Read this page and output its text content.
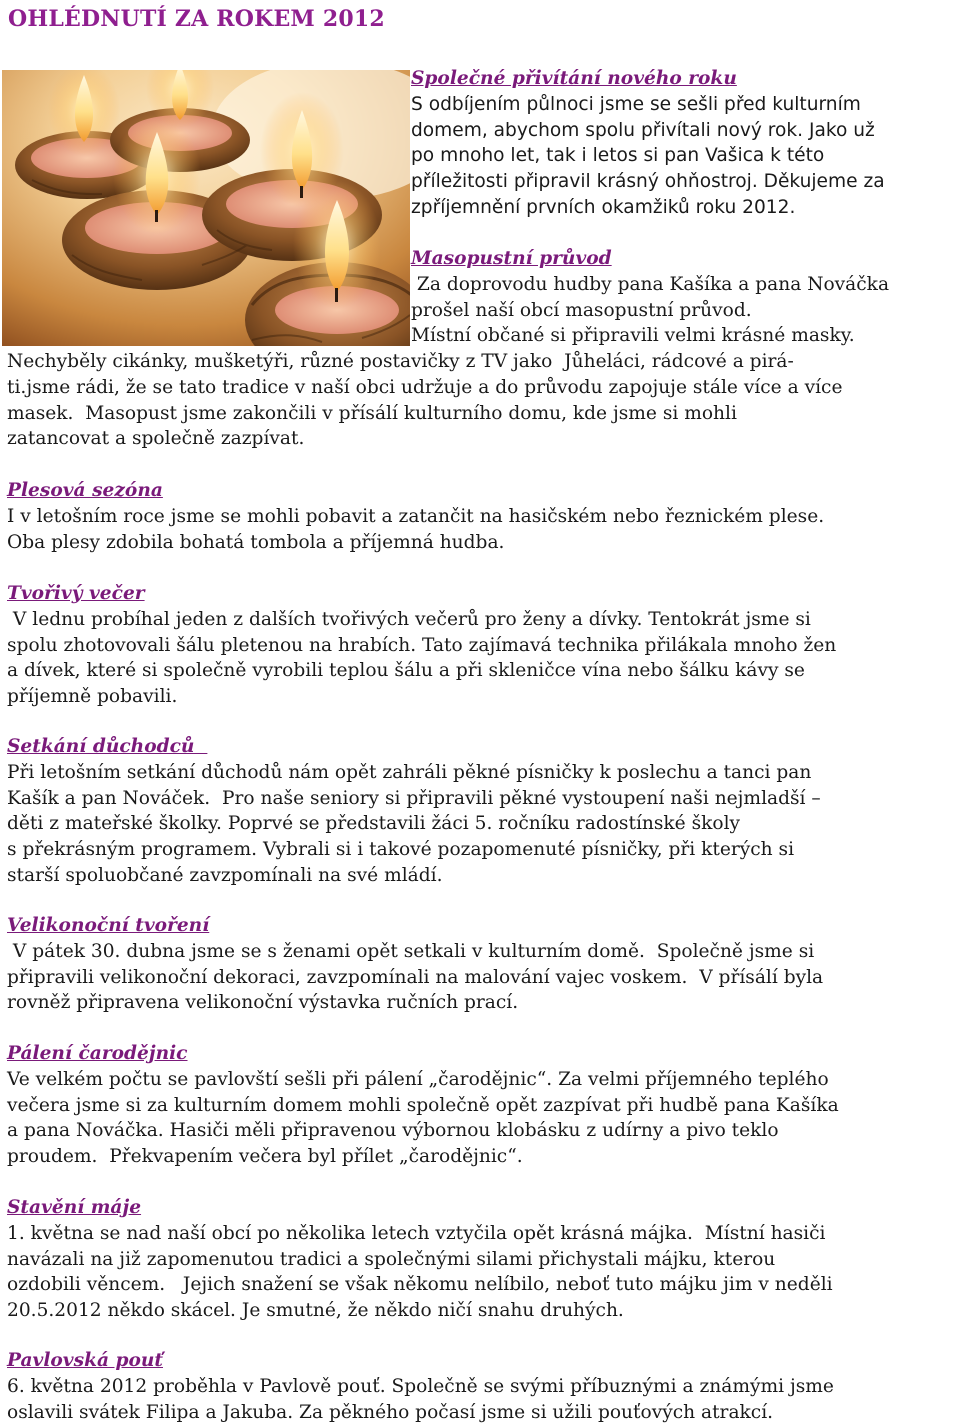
OHLÉDNUTÍ ZA ROKEM 2012

Společné přivítání nového roku

S odbíjením půlnoci jsme se sešli před kulturním
domem, abychom spolu přivítali nový rok. Jako už
po mnoho let, tak i letos si pan Vašica k této
příležitosti připravil krásný ohňostroj. Děkujeme za
zpříjemnění prvních okamžiků roku 2012.

Masopustní průvod

Za doprovodu hudby pana Kašíka a pana Nováčka
prošel naší obcí masopustní průvod.
Místní občané si připravili velmi krásné masky.

Nechyběly cikánky, mušketýři, různé postavičky z TV jako  Jůheláci, rádcové a pirá-
ti.jsme rádi, že se tato tradice v naší obci udržuje a do průvodu zapojuje stále více a více
masek.  Masopust jsme zakončili v přísálí kulturního domu, kde jsme si mohli
zatancovat a společně zazpívat.

Plesová sezóna

I v letošním roce jsme se mohli pobavit a zatančit na hasičském nebo řeznickém plese.
Oba plesy zdobila bohatá tombola a příjemná hudba.

Tvořivý večer

V lednu probíhal jeden z dalších tvořivých večerů pro ženy a dívky. Tentokrát jsme si
spolu zhotovovali šálu pletenou na hrabích. Tato zajímavá technika přilákala mnoho žen
a dívek, které si společně vyrobili teplou šálu a při skleničce vína nebo šálku kávy se
příjemně pobavili.

Setkání důchodců

Při letošním setkání důchodů nám opět zahráli pěkné písničky k poslechu a tanci pan
Kašík a pan Nováček.  Pro naše seniory si připravili pěkné vystoupení naši nejmladší –
děti z mateřské školky. Poprvé se představili žáci 5. ročníku radostínské školy
s překrásným programem. Vybrali si i takové pozapomenuté písničky, při kterých si
starší spoluobčané zavzpomínali na své mládí.

Velikonoční tvoření

V pátek 30. dubna jsme se s ženami opět setkali v kulturním domě.  Společně jsme si
připravili velikonoční dekoraci, zavzpomínali na malování vajec voskem.  V přísálí byla
rovněž připravena velikonoční výstavka ručních prací.

Pálení čarodějnic

Ve velkém počtu se pavlovští sešli při pálení „čarodějnic“. Za velmi příjemného teplého
večera jsme si za kulturním domem mohli společně opět zazpívat při hudbě pana Kašíka
a pana Nováčka. Hasiči měli připravenou výbornou klobásku z udírny a pivo teklo
proudem.  Překvapením večera byl přílet „čarodějnic“.

Stavění máje

1. května se nad naší obcí po několika letech vztyčila opět krásná májka.  Místní hasiči
navázali na již zapomenutou tradici a společnými silami přichystali májku, kterou
ozdobili věncem.   Jejich snažení se však někomu nelíbilo, neboť tuto májku jim v neděli
20.5.2012 někdo skácel. Je smutné, že někdo ničí snahu druhých.

Pavlovská pouť

6. května 2012 proběhla v Pavlově pouť. Společně se svými příbuznými a známými jsme
oslavili svátek Filipa a Jakuba. Za pěkného počasí jsme si užili pouťových atrakcí.
